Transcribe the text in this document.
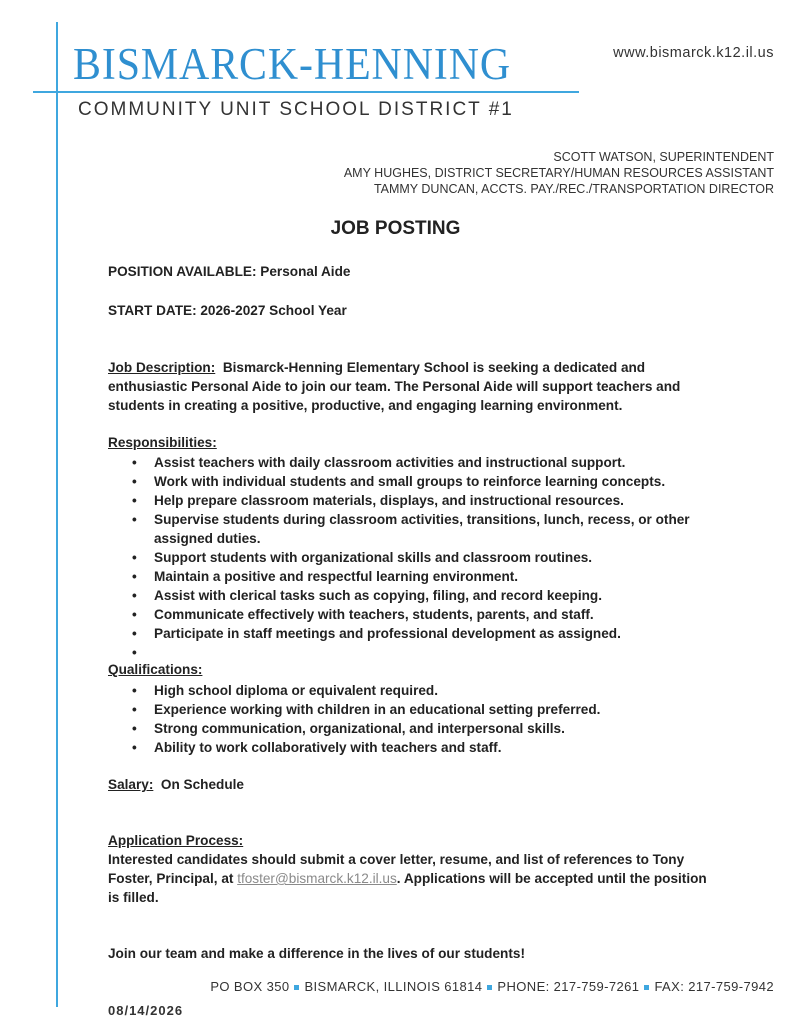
BISMARCK-HENNING
COMMUNITY UNIT SCHOOL DISTRICT #1
www.bismarck.k12.il.us
SCOTT WATSON, SUPERINTENDENT
AMY HUGHES, DISTRICT SECRETARY/HUMAN RESOURCES ASSISTANT
TAMMY DUNCAN, ACCTS. PAY./REC./TRANSPORTATION DIRECTOR
JOB POSTING
POSITION AVAILABLE: Personal Aide
START DATE: 2026-2027 School Year

Job Description: Bismarck-Henning Elementary School is seeking a dedicated and enthusiastic Personal Aide to join our team. The Personal Aide will support teachers and students in creating a positive, productive, and engaging learning environment.

Responsibilities:
• Assist teachers with daily classroom activities and instructional support.
• Work with individual students and small groups to reinforce learning concepts.
• Help prepare classroom materials, displays, and instructional resources.
• Supervise students during classroom activities, transitions, lunch, recess, or other assigned duties.
• Support students with organizational skills and classroom routines.
• Maintain a positive and respectful learning environment.
• Assist with clerical tasks such as copying, filing, and record keeping.
• Communicate effectively with teachers, students, parents, and staff.
• Participate in staff meetings and professional development as assigned.
•
Qualifications:
• High school diploma or equivalent required.
• Experience working with children in an educational setting preferred.
• Strong communication, organizational, and interpersonal skills.
• Ability to work collaboratively with teachers and staff.
Salary: On Schedule
Application Process:

Interested candidates should submit a cover letter, resume, and list of references to Tony Foster, Principal, at tfoster@bismarck.k12.il.us. Applications will be accepted until the position is filled.

Join our team and make a difference in the lives of our students!
PO BOX 350 BISMARCK, ILLINOIS 61814 PHONE: 217-759-7261 FAX: 217-759-7942
08/14/2026
